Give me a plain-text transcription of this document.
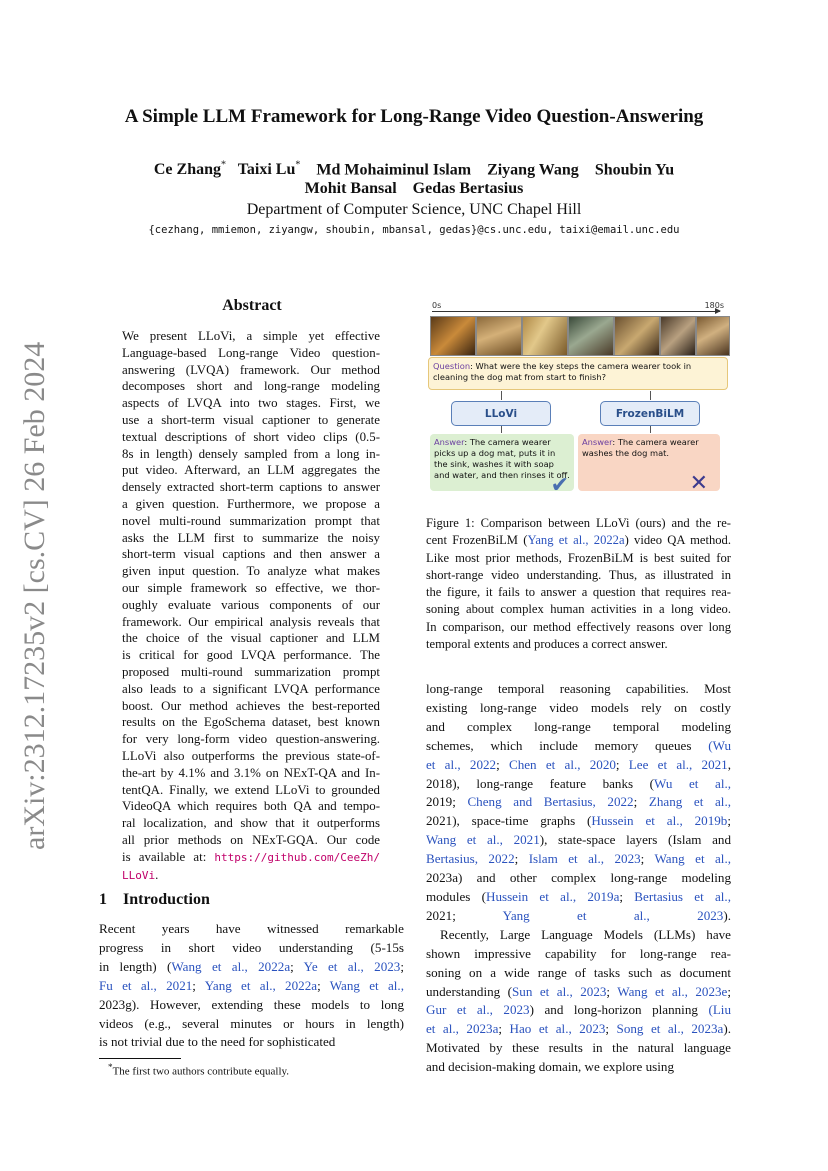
A Simple LLM Framework for Long-Range Video Question-Answering
Ce Zhang* Taixi Lu* Md Mohaiminul Islam Ziyang Wang Shoubin Yu
Mohit Bansal Gedas Bertasius
Department of Computer Science, UNC Chapel Hill
{cezhang, mmiemon, ziyangw, shoubin, mbansal, gedas}@cs.unc.edu, taixi@email.unc.edu
arXiv:2312.17235v2 [cs.CV] 26 Feb 2024
Abstract
We present LLoVi, a simple yet effective
Language-based Long-range Video question-
answering (LVQA) framework. Our method
decomposes short and long-range modeling
aspects of LVQA into two stages. First, we
use a short-term visual captioner to generate
textual descriptions of short video clips (0.5-
8s in length) densely sampled from a long in-
put video. Afterward, an LLM aggregates the
densely extracted short-term captions to answer
a given question. Furthermore, we propose a
novel multi-round summarization prompt that
asks the LLM first to summarize the noisy
short-term visual captions and then answer a
given input question. To analyze what makes
our simple framework so effective, we thor-
oughly evaluate various components of our
framework. Our empirical analysis reveals that
the choice of the visual captioner and LLM
is critical for good LVQA performance. The
proposed multi-round summarization prompt
also leads to a significant LVQA performance
boost. Our method achieves the best-reported
results on the EgoSchema dataset, best known
for very long-form video question-answering.
LLoVi also outperforms the previous state-of-
the-art by 4.1% and 3.1% on NExT-QA and In-
tentQA. Finally, we extend LLoVi to grounded
VideoQA which requires both QA and tempo-
ral localization, and show that it outperforms
all prior methods on NExT-GQA. Our code
is available at: https://github.com/CeeZh/
LLoVi.
0s	180s
Question: What were the key steps the camera wearer took in cleaning the dog mat from start to finish?
LLoVi	FrozenBiLM
Answer: The camera wearer picks up a dog mat, puts it in the sink, washes it with soap and water, and then rinses it off.
✔
Answer: The camera wearer washes the dog mat.
✕
Figure 1: Comparison between LLoVi (ours) and the re-
cent FrozenBiLM (Yang et al., 2022a) video QA method.
Like most prior methods, FrozenBiLM is best suited for
short-range video understanding. Thus, as illustrated in
the figure, it fails to answer a question that requires rea-
soning about complex human activities in a long video.
In comparison, our method effectively reasons over long
temporal extents and produces a correct answer.
1 Introduction
Recent years have witnessed remarkable
progress in short video understanding (5-15s
in length) (Wang et al., 2022a; Ye et al., 2023;
Fu et al., 2021; Yang et al., 2022a; Wang et al.,
2023g). However, extending these models to long
videos (e.g., several minutes or hours in length)
is not trivial due to the need for sophisticated
long-range temporal reasoning capabilities. Most
existing long-range video models rely on costly
and complex long-range temporal modeling
schemes, which include memory queues (Wu
et al., 2022; Chen et al., 2020; Lee et al., 2021,
2018), long-range feature banks (Wu et al.,
2019; Cheng and Bertasius, 2022; Zhang et al.,
2021), space-time graphs (Hussein et al., 2019b;
Wang et al., 2021), state-space layers (Islam and
Bertasius, 2022; Islam et al., 2023; Wang et al.,
2023a) and other complex long-range modeling
modules (Hussein et al., 2019a; Bertasius et al.,
2021; Yang et al., 2023).
Recently, Large Language Models (LLMs) have
shown impressive capability for long-range rea-
soning on a wide range of tasks such as document
understanding (Sun et al., 2023; Wang et al., 2023e;
Gur et al., 2023) and long-horizon planning (Liu
et al., 2023a; Hao et al., 2023; Song et al., 2023a).
Motivated by these results in the natural language
and decision-making domain, we explore using
*The first two authors contribute equally.
